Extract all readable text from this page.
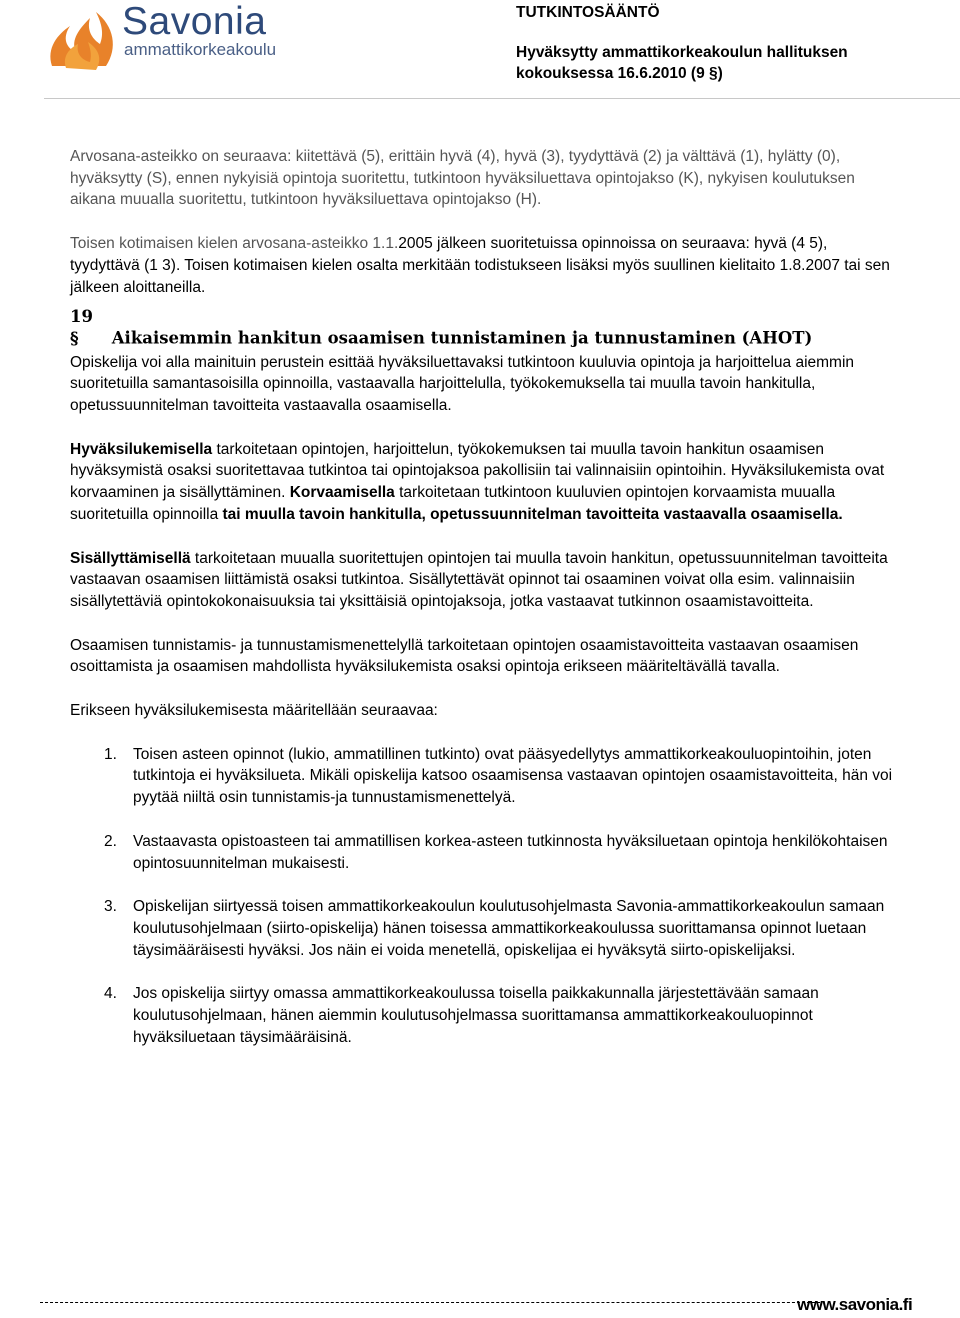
Savonia
ammattikorkeakoulu
TUTKINTOSÄÄNTÖ
Hyväksytty ammattikorkeakoulun hallituksen kokouksessa 16.6.2010 (9 §)

Arvosana-asteikko on seuraava: kiitettävä (5), erittäin hyvä (4), hyvä (3), tyydyttävä (2) ja välttävä (1), hylätty (0), hyväksytty (S), ennen nykyisiä opintoja suoritettu, tutkintoon hyväksiluettava opintojakso (K), nykyisen koulutuksen aikana muualla suoritettu, tutkintoon hyväksiluettava opintojakso (H).

Toisen kotimaisen kielen arvosana-asteikko 1.1.2005 jälkeen suoritetuissa opinnoissa on seuraava: hyvä (4 5), tyydyttävä (1 3). Toisen kotimaisen kielen osalta merkitään todistukseen lisäksi myös suullinen kielitaito 1.8.2007 tai sen jälkeen aloittaneilla.

19 § Aikaisemmin hankitun osaamisen tunnistaminen ja tunnustaminen (AHOT)

Opiskelija voi alla mainituin perustein esittää hyväksiluettavaksi tutkintoon kuuluvia opintoja ja harjoittelua aiemmin suoritetuilla samantasoisilla opinnoilla, vastaavalla harjoittelulla, työkokemuksella tai muulla tavoin hankitulla, opetussuunnitelman tavoitteita vastaavalla osaamisella.

Hyväksilukemisella tarkoitetaan opintojen, harjoittelun, työkokemuksen tai muulla tavoin hankitun osaamisen hyväksymistä osaksi suoritettavaa tutkintoa tai opintojaksoa pakollisiin tai valinnaisiin opintoihin. Hyväksilukemista ovat korvaaminen ja sisällyttäminen. Korvaamisella tarkoitetaan tutkintoon kuuluvien opintojen korvaamista muualla suoritetuilla opinnoilla tai muulla tavoin hankitulla, opetussuunnitelman tavoitteita vastaavalla osaamisella.

Sisällyttämisellä tarkoitetaan muualla suoritettujen opintojen tai muulla tavoin hankitun, opetussuunnitelman tavoitteita vastaavan osaamisen liittämistä osaksi tutkintoa. Sisällytettävät opinnot tai osaaminen voivat olla esim. valinnaisiin sisällytettäviä opintokokonaisuuksia tai yksittäisiä opintojaksoja, jotka vastaavat tutkinnon osaamistavoitteita.

Osaamisen tunnistamis- ja tunnustamismenettelyllä tarkoitetaan opintojen osaamistavoitteita vastaavan osaamisen osoittamista ja osaamisen mahdollista hyväksilukemista osaksi opintoja erikseen määriteltävällä tavalla.

Erikseen hyväksilukemisesta määritellään seuraavaa:

1.	Toisen asteen opinnot (lukio, ammatillinen tutkinto) ovat pääsyedellytys ammattikorkeakouluopintoihin, joten tutkintoja ei hyväksilueta. Mikäli opiskelija katsoo osaamisensa vastaavan opintojen osaamistavoitteita, hän voi pyytää niiltä osin tunnistamis-ja tunnustamismenettelyä.
2.	Vastaavasta opistoasteen tai ammatillisen korkea-asteen tutkinnosta hyväksiluetaan opintoja henkilökohtaisen opintosuunnitelman mukaisesti.
3.	Opiskelijan siirtyessä toisen ammattikorkeakoulun koulutusohjelmasta Savonia-ammattikorkeakoulun samaan koulutusohjelmaan (siirto-opiskelija) hänen toisessa ammattikorkeakoulussa suorittamansa opinnot luetaan täysimääräisesti hyväksi. Jos näin ei voida menetellä, opiskelijaa ei hyväksytä siirto-opiskelijaksi.
4.	Jos opiskelija siirtyy omassa ammattikorkeakoulussa toisella paikkakunnalla järjestettävään samaan koulutusohjelmaan, hänen aiemmin koulutusohjelmassa suorittamansa ammattikorkeakouluopinnot hyväksiluetaan täysimääräisinä.
www.savonia.fi
